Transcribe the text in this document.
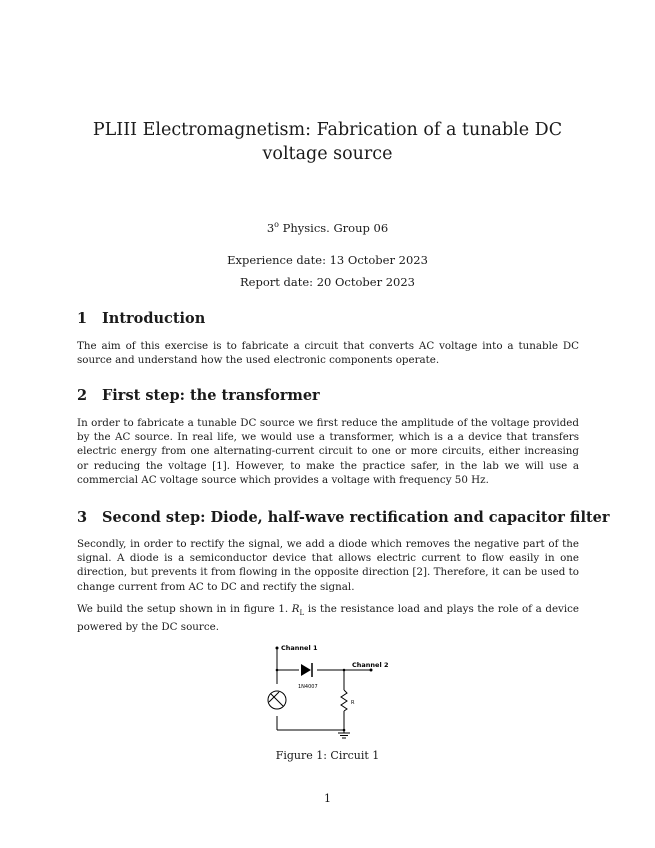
PLIII Electromagnetism: Fabrication of a tunable DC voltage source
3$^o$ Physics. Group 06
Experience date: 13 October 2023
Report date: 20 October 2023
1 Introduction

The aim of this exercise is to fabricate a circuit that converts AC voltage into a tunable DC source and understand how the used electronic components operate.

2 First step: the transformer

In order to fabricate a tunable DC source we first reduce the amplitude of the voltage provided by the AC source. In real life, we would use a transformer, which is a a device that transfers electric energy from one alternating-current circuit to one or more circuits, either increasing or reducing the voltage [1]. However, to make the practice safer, in the lab we will use a commercial AC voltage source which provides a voltage with frequency 50 Hz.

3 Second step: Diode, half-wave rectification and capacitor filter

Secondly, in order to rectify the signal, we add a diode which removes the negative part of the signal. A diode is a semiconductor device that allows electric current to flow easily in one direction, but prevents it from flowing in the opposite direction [2]. Therefore, it can be used to change current from AC to DC and rectify the signal.

We build the setup shown in in figure 1. $R_L$ is the resistance load and plays the role of a device powered by the DC source.

Channel 1
Channel 2
1N4007
R
Figure 1: Circuit 1
1
